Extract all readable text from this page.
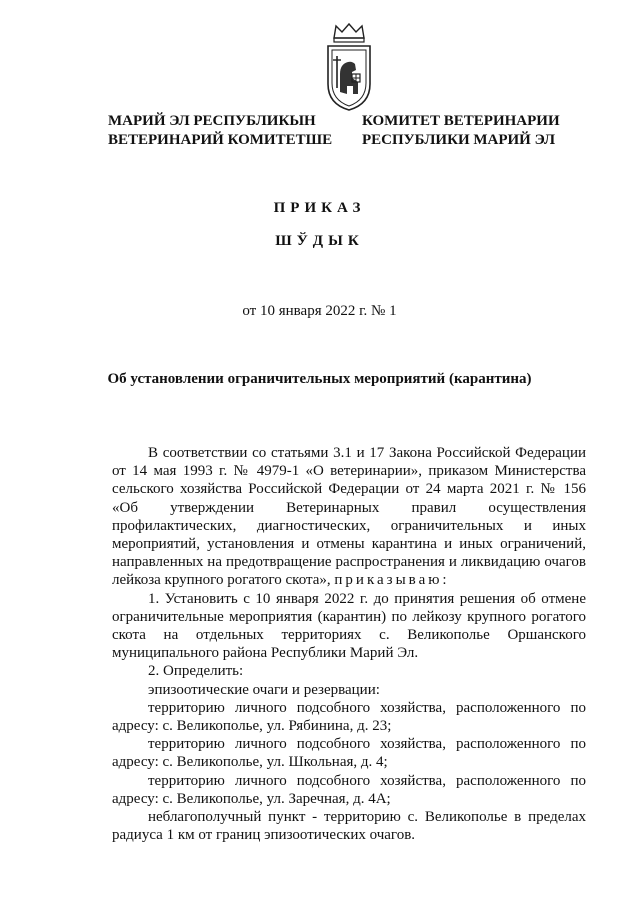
МАРИЙ ЭЛ РЕСПУБЛИКЫН
ВЕТЕРИНАРИЙ КОМИТЕТШЕ
КОМИТЕТ ВЕТЕРИНАРИИ
РЕСПУБЛИКИ МАРИЙ ЭЛ
ПРИКАЗ
ШЎДЫК
от 10 января 2022 г. № 1
Об установлении ограничительных мероприятий (карантина)

В соответствии со статьями 3.1 и 17 Закона Российской Федерации от 14 мая 1993 г. № 4979-1 «О ветеринарии», приказом Министерства сельского хозяйства Российской Федерации от 24 марта 2021 г. № 156 «Об утверждении Ветеринарных правил осуществления профилактических, диагностических, ограничительных и иных мероприятий, установления и отмены карантина и иных ограничений, направленных на предотвращение распространения и ликвидацию очагов лейкоза крупного рогатого скота», приказываю:

1. Установить с 10 января 2022 г. до принятия решения об отмене ограничительные мероприятия (карантин) по лейкозу крупного рогатого скота на отдельных территориях с. Великополье Оршанского муниципального района Республики Марий Эл.

2. Определить:

эпизоотические очаги и резервации:

территорию личного подсобного хозяйства, расположенного по адресу: с. Великополье, ул. Рябинина, д. 23;

территорию личного подсобного хозяйства, расположенного по адресу: с. Великополье, ул. Школьная, д. 4;

территорию личного подсобного хозяйства, расположенного по адресу: с. Великополье, ул. Заречная, д. 4А;

неблагополучный пункт - территорию с. Великополье в пределах радиуса 1 км от границ эпизоотических очагов.
